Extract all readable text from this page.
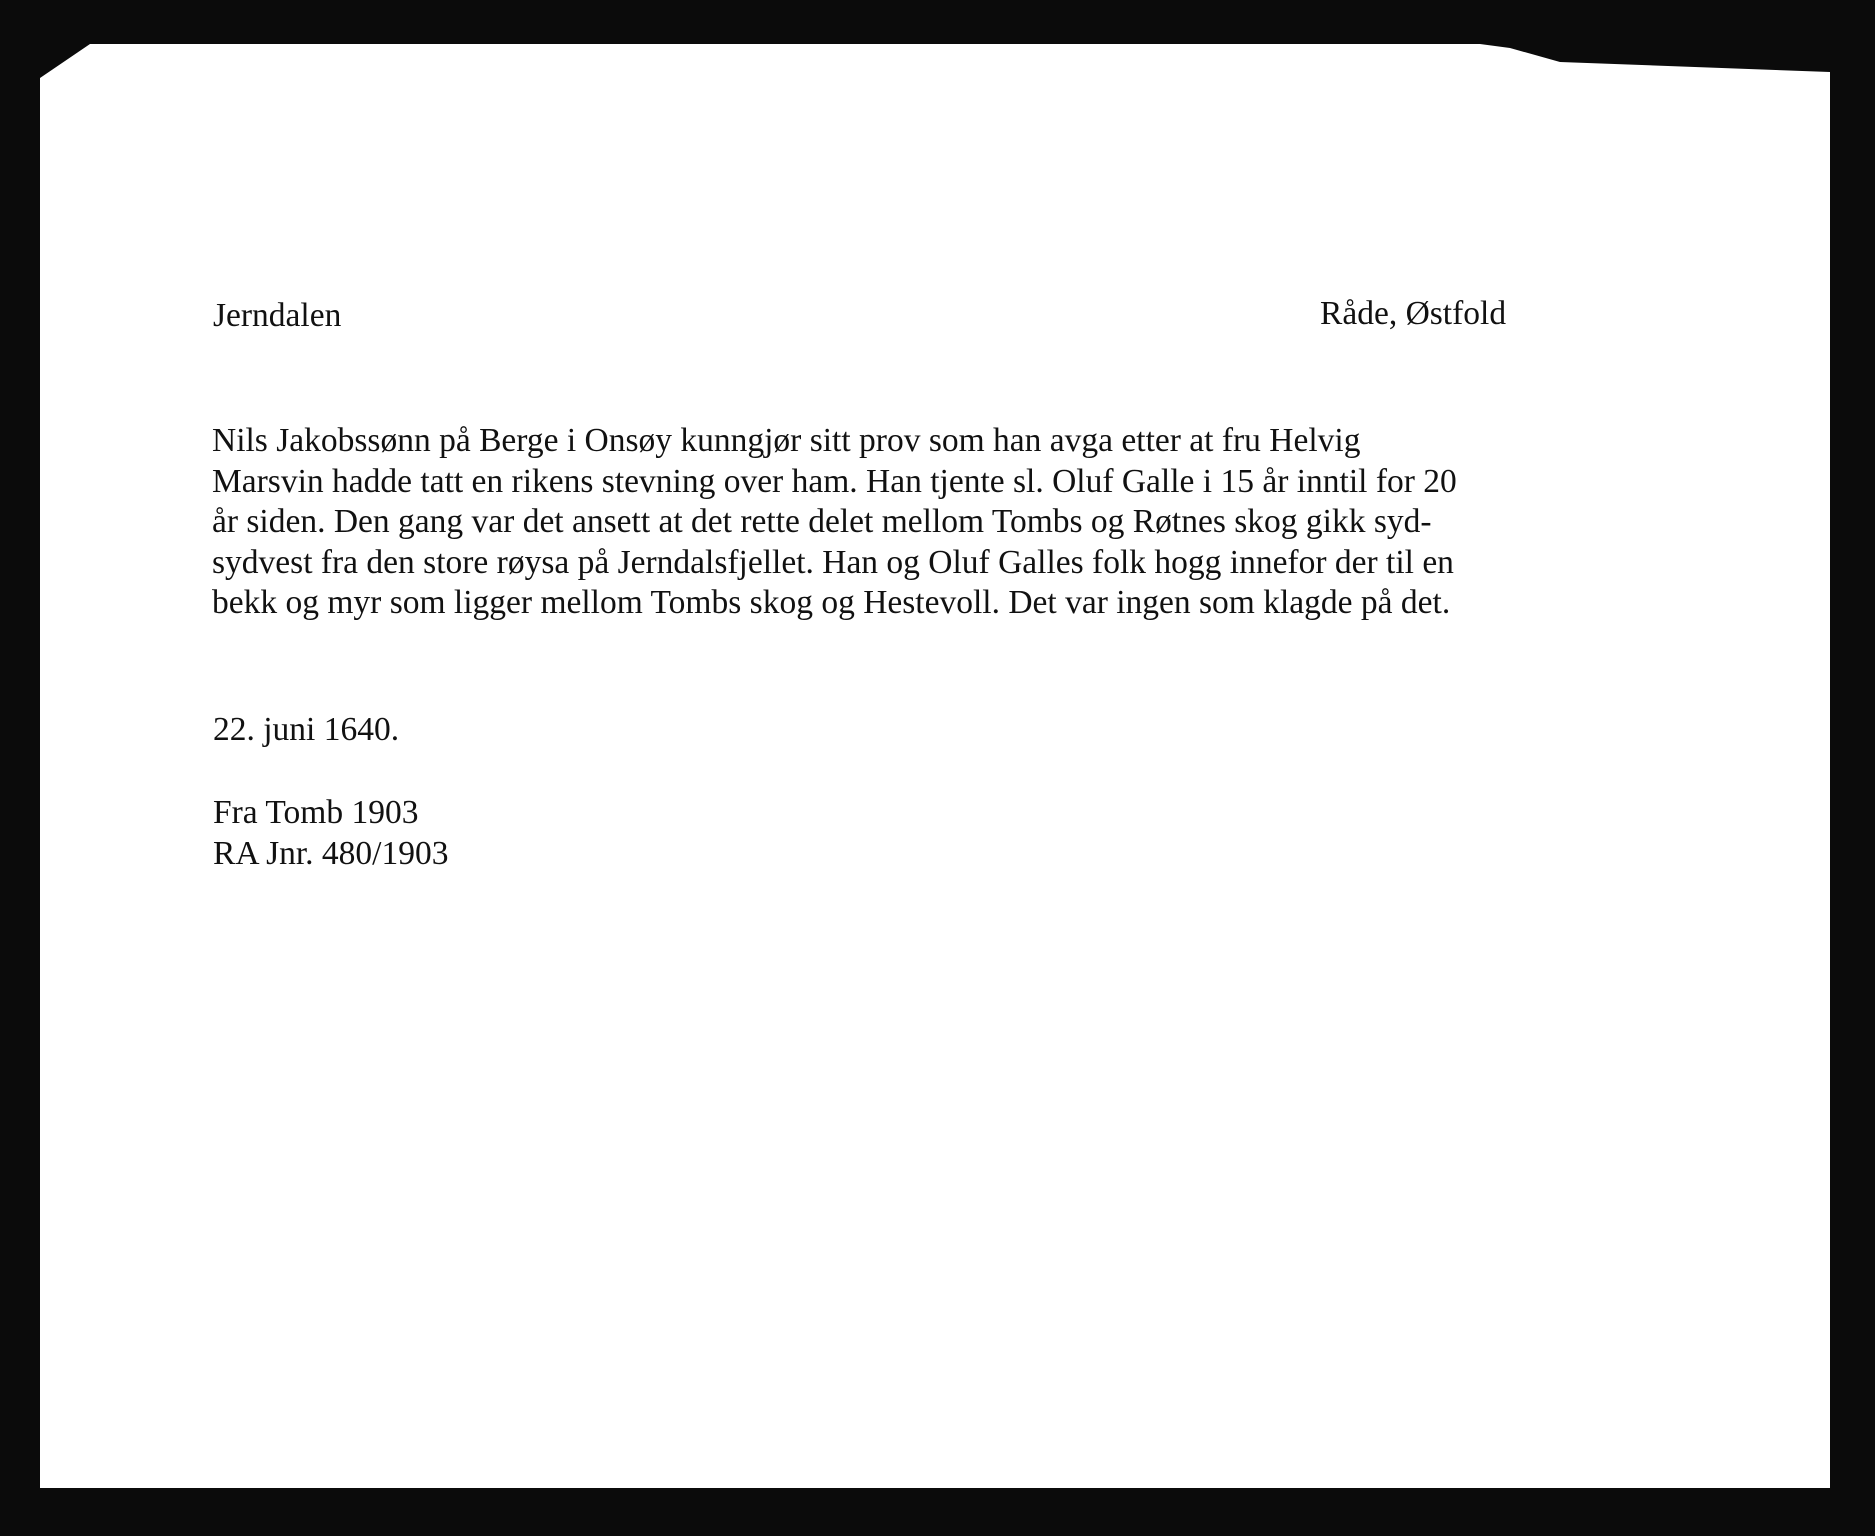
Jerndalen	Råde, Østfold
Nils Jakobssønn på Berge i Onsøy kunngjør sitt prov som han avga etter at fru Helvig
Marsvin hadde tatt en rikens stevning over ham. Han tjente sl. Oluf Galle i 15 år inntil for 20
år siden. Den gang var det ansett at det rette delet mellom Tombs og Røtnes skog gikk syd-
sydvest fra den store røysa på Jerndalsfjellet. Han og Oluf Galles folk hogg innefor der til en
bekk og myr som ligger mellom Tombs skog og Hestevoll. Det var ingen som klagde på det.
22. juni 1640.
Fra Tomb 1903
RA Jnr. 480/1903
